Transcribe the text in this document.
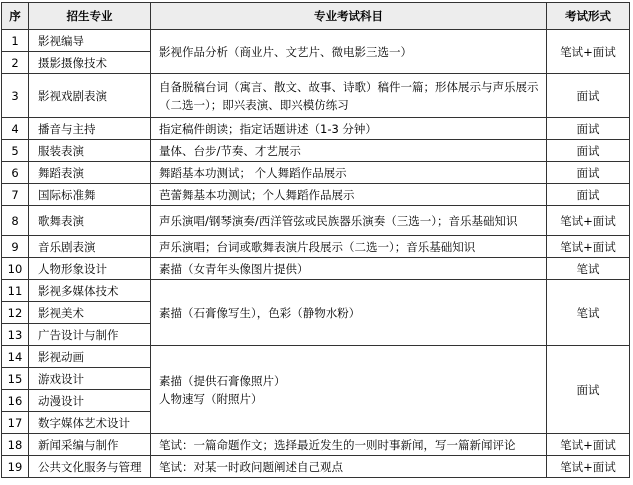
序	招生专业	专业考试科目	考试形式
1	影视编导	影视作品分析（商业片、文艺片、微电影三选一）	笔试+面试
2	摄影摄像技术		
3	影视戏剧表演	自备脱稿台词（寓言、散文、故事、诗歌）稿件一篇；形体展示与声乐展示（二选一）；即兴表演、即兴模仿练习	面试
4	播音与主持	指定稿件朗读；指定话题讲述（1-3 分钟）	面试
5	服装表演	量体、台步/节奏、才艺展示	面试
6	舞蹈表演	舞蹈基本功测试； 个人舞蹈作品展示	面试
7	国际标准舞	芭蕾舞基本功测试；个人舞蹈作品展示	面试
8	歌舞表演	声乐演唱/钢琴演奏/西洋管弦或民族器乐演奏（三选一）；音乐基础知识	笔试+面试
9	音乐剧表演	声乐演唱；台词或歌舞表演片段展示（二选一）；音乐基础知识	笔试+面试
10	人物形象设计	素描（女青年头像图片提供）	笔试
11	影视多媒体技术	素描（石膏像写生），色彩（静物水粉）	笔试
12	影视美术		
13	广告设计与制作		
14	影视动画	素描（提供石膏像照片）
人物速写（附照片）	面试
15	游戏设计		
16	动漫设计		
17	数字媒体艺术设计		
18	新闻采编与制作	笔试：一篇命题作文；选择最近发生的一则时事新闻，写一篇新闻评论	笔试+面试
19	公共文化服务与管理	笔试：对某一时政问题阐述自己观点	笔试+面试
